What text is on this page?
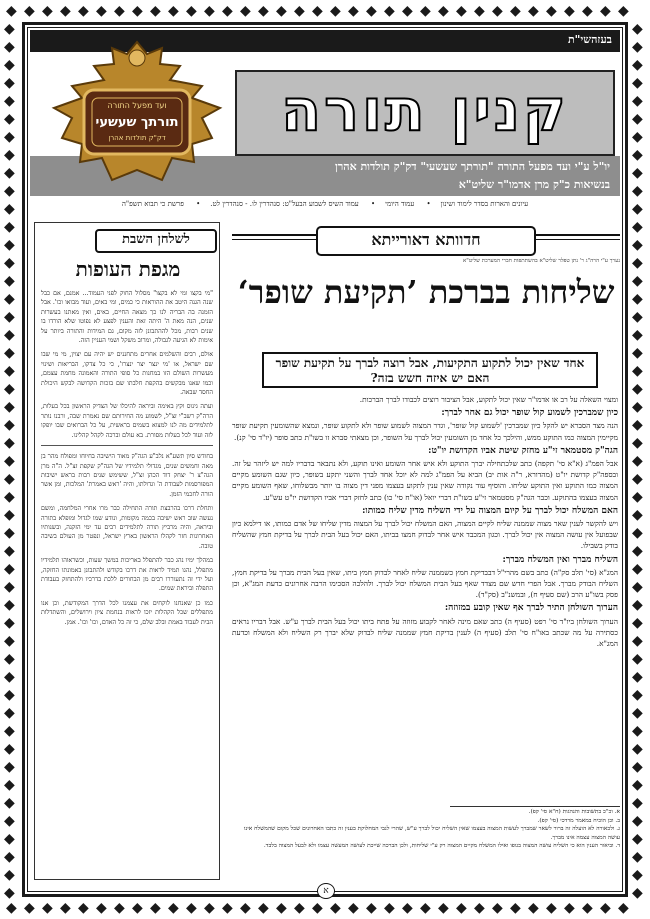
◆
◆
◆
◆
◆
◆
◆
◆
◆
◆
◆
◆
◆
◆
◆
◆
◆
◆
◆
◆
◆
◆
◆
◆
◆
◆
◆
◆
◆
◆
◆
◆
◆
◆
◆
◆
◆
◆
◆
◆
◆
◆
◆
◆
◆
◆
◆
◆
◆
◆
◆
◆
◆
◆
◆
◆
◆
◆
◆
◆
◆
◆
◆
◆
◆
◆
◆
◆
◆
◆
◆	◆
◆	◆
◆	◆
◆	◆
◆	◆
◆	◆
◆	◆
◆	◆
◆	◆
◆	◆
◆	◆
◆	◆
◆	◆
◆	◆
◆	◆
◆	◆
◆	◆
◆	◆
◆	◆
◆	◆
◆	◆
◆	◆
◆	◆
◆	◆
◆	◆
◆	◆
◆	◆
◆	◆
◆	◆
◆	◆
◆	◆
◆	◆
◆	◆
◆	◆
◆	◆
◆	◆
◆	◆
◆	◆
◆	◆
◆	◆
◆	◆
◆	◆
◆	◆
◆	◆
◆	◆
◆	◆
◆	◆
◆	◆
◆	◆
בעזהשי"ת
קנין תורה
יו"ל ע"י ועד מפעל התורה "תורתך שעשעי" דק"ק תולדות אהרן
בנשיאות כ"ק מרן אדמו"ר שליט"א
ועד מפעל התורה
תורתך שעשעי
דק"ק תולדות אהרן
עיונים והארות בסדר לימוד ושינון• עמוד היומי• עמוד השיס לשבוע הבעל"ט: סנהדרין לו. - סנהדרין לט.• פרשת כי תבוא תשפ"ה
לשלחן השבת
מגפת העופות

"מי בקצו ומי לא בקצו" מסלול החוק לפני העמוד... אמנם, אם כבל שנה הגנה היטב את ההוראות כי כמים, ומי באים, ועוד מבואו וכו'. אבל הזמנה בה הבריה לנו כך מצאה החיים, באים, ואין מאתנו בעשרות שנים, הנה מאת ה' היתה זאת והענין לפצע לא נפוטו שלא הורדו בו שנים רבות, מכל לההתבונן לזה מקום, גם המידות והתורה ביותר על אימות לא הגיעה לגבולה, ומרוב משקל ושמי העניין הזה.

אולם, רבים והשלמים אחרים מתחננים יש יהיה עם יצוין, מי מי שבו שם ישראל, או 'מי ינצר יצר ינצרו', כי כל צדקו, הבריאות ושינוי מעשרות השולם הזו במחנות כל סופי התורה והאמונה מחמת עצמם, וכמו שאנו מבקשים בהקפת חלבתו שם בזכות הקדושה לבקש היכולת החסד שבאה.

ועתה גינוס וקץ באימה וביראה להיכלו של הצדיק הראשון בכל בעלות, הרה"ק רשב"י זצ"ל, לשמוע מה החירותם שם נאמרת שבה, ורבנו נותר לתלמידים מה לנו למצוא בשמים בראשית, על כל הברואים שבו יופקו לזה ועוד לכל בעלות מסורת. בא עולם וברכה לקהל קהלינו.

בחודש סיון תשע"א נלב"ע הגה"ק מאוד הישיבה בחיוחו ומפולח מהר בן מאה וחמשים שנים, מגדולי תלמידיו של הגה"ק שקפת זצ"ל. ה"ה מרן הגה"צ ר' יצחק דוד הכהן זצ"ל, ששימש שנים רבות בראש ישיבות המפורסמות לעבודת ה' וגדולתו, והיה 'ראש באמרת' המלכות, ומן אשר הורה לחכמי הזמן.

ותחלת דרכו בהרבצת תורה התחילה כבר מרו אחרי המלחמה, ומשם נעשה שוב ראש ישיבה בכמה מקומות, ונודע שמו לגדול ומופלא בתורה וביראה, והיה מרביץ תורה לתלמידים רבים עד ימי הזקנה, ובשנותיו האחרונות חזר לקהלו הראשון בארץ ישראל, ונפטר מן העולם בשיבה טובה.

במהלך ימיו נהג כבר להתפלל באריכות במשך שעות, וכשראוהו תלמידיו מתפלל, נהגו תמיד לראות את דרכו בקודש ולהתבונן באמונתו החזקה, ועל ידי זה נתעוררו רבים מן הבחורים ללכת בדרכיו ולהתחזק בעבודת התפלה וביראת שמים.

כמו כן שאנחנו לוקחים את עצמנו לכל הדרך המקודשת, וכן אנו מתפללים שכל הקהלות יזכו לראות בנחמת ציון וירושלים, והשתדלות הבית לעבוד באמת ובלב שלם, כי זה כל האדם, וכו' וכו'. אמן.

חדוותא דאורייתא
נערך ע"י הרה"ג ר' נתן טפלר שליט"א בהשתתפות חברי המערכת שליט"א
שליחות בברכת ’תקיעת שופר‘
אחד שאין יכול לתקוע התקיעות, אבל רוצה לברך על תקיעת שופר האם יש איזה חשש בזה?

ומצוי השאלה על רב או אדמו"ר שאין יכול לתקוע, אבל הציבור רוצים לכבודו לברך הברכות.

כיון שמברכין לשמוע קול שופר יכול גם אחר לברך:

הנה מצד הסברא יש להקל כיון שמברכין 'לשמוע קול שופר', וגדר המצוה לשמוע שופר ולא לתקוע שופר, ונמצא שהשומעין תקיעת שופר מקיימין המצוה כמו התוקע ממש, והילכך כל אחד מן השומעין יכול לברך על השופר, וכן מצאתי סברא זו בשו"ת כתב סופר (יו"ד סי' קנ).

הגה"ק מסטמאר זי"ע מחזק שיטת אביו הקדושת יו"ט:

אבל הפמ"ג (א"א סי' תקפה) כתב שלכתחילה יברך התוקע ולא איש אחר השומע ואינו תוקע, ולא נתבאר בדבריו למה יש ליזהר על זה. ובספה"ק קדושת יו"ט (מהדורא, ר"ה אות יב) הביא על הפמ"ג למה לא יוכל אחד לברך והשני יתקע בשופר, כיון שגם השומע מקיים המצוה כמו התוקע ואין התוקע שליחו. והוסיף עוד נקודה שאין ענין לתקוע בעצמו מפני דין מצוה בו יותר מבשלוחו, שאף השומע מקיים המצוה בעצמו בהתוקע. וכבר הגה"ק מסטמאר זי"ע בשו"ת דברי יואל (או"ח סי' כו) כתב לחזק דברי אביו הקדושת יו"ט עש"ע.

האם המשלח יכול לברך על קיום המצוה על ידי השליח מדין שליח כמותו:

ויש להקשר לענין שאר מצוה שממנה שליח לקיים המצוה, האם המשלח יכול לברך על המצוה מדין שליחו של אדם כמותו, או דילמא כיון שבפועל אין עושה המצוה אין יכול לברך. וכגון המכבד איש אחר לבדוק חמצו בביתו, האם יכול בעל הבית לברך על בדיקת חמץ שהשליח בודק בשבילו.

השליח מברך ואין המשלח מברך:

המג"א (סי' תלב סק"ה) כתב בשם מהרי"ל דבבדיקת חמץ כשממנה שליח לאחר לבדוק חמץ ביתו, שאין בעל הבית מברך על בדיקת חמץ, השליח הבודק מברך. אבל הפרי חדש שם מצדד שאף בעל הבית המשלח יכול לברך. ולהלכה הסכימו הרבה אחרונים כדעת המג"א, וכן פסק בשו"ע הרב (שם סעיף ח), ובמשנ"ב (סק"ד).

הערוך השולחן התיר לברך אף שאין קובע במזוזה:

הערוך השולחן ביו"ד סי' רפט (סעיף ה) כתב שאם מינה לאחר לקבוע מזוזה על פתח ביתו יכול בעל הבית לברך ע"ש. אבל דבריו נראים כסתירה על מה שכתב באו"ח סי' תלב (סעיף ה) לענין בדיקת חמץ שממנה שליח לבדוק שלא יברך רק השליח ולא המשלח וכדעת המג"א.

א. וכ"כ בתשובות והנהגות (ח"א סי' קפ).
ב. וכן הוכיח במאמר מרדכי (סי' קפ).
ג. ולכאורה לא הועלה זה ברור לשאר שמברך לעשות המצוה בעצמו שאין השליח יכול לברך ע"ש, שהרי לגבי המחלוקת בענין זה כתבו האחרונים שכל מקום שהמשלח אינו עושה המצוה עצמה אינו מברך.
ד. וביאור הענין הוא כי השליח עושה המצוה בגופו ואילו המשלח מקיים המצוה רק ע"י שליחות, ולכן הברכה שייכת לעושה המעשה עצמו ולא לבעל המצוה בלבד.
א
